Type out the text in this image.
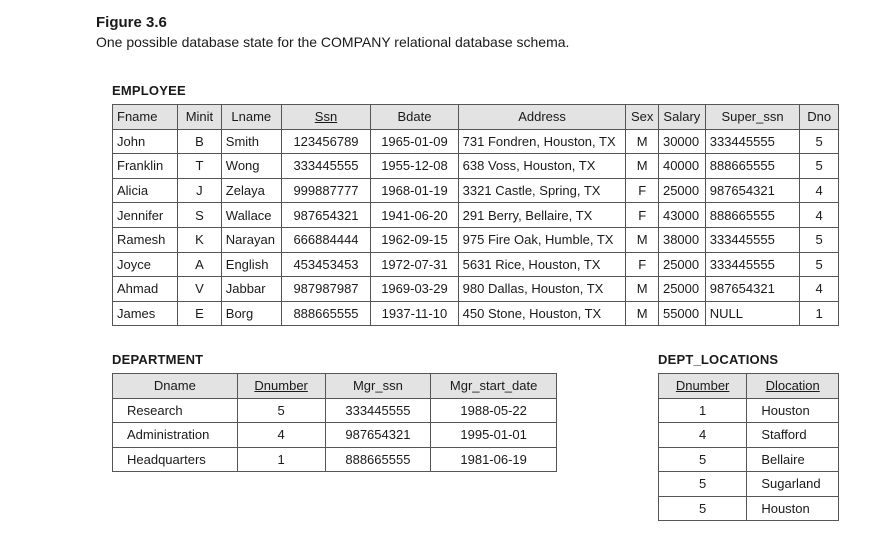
Figure 3.6
One possible database state for the COMPANY relational database schema.
EMPLOYEE
Fname	Minit	Lname	Ssn	Bdate	Address	Sex	Salary	Super_ssn	Dno
John	B	Smith	123456789	1965-01-09	731 Fondren, Houston, TX	M	30000	333445555	5
Franklin	T	Wong	333445555	1955-12-08	638 Voss, Houston, TX	M	40000	888665555	5
Alicia	J	Zelaya	999887777	1968-01-19	3321 Castle, Spring, TX	F	25000	987654321	4
Jennifer	S	Wallace	987654321	1941-06-20	291 Berry, Bellaire, TX	F	43000	888665555	4
Ramesh	K	Narayan	666884444	1962-09-15	975 Fire Oak, Humble, TX	M	38000	333445555	5
Joyce	A	English	453453453	1972-07-31	5631 Rice, Houston, TX	F	25000	333445555	5
Ahmad	V	Jabbar	987987987	1969-03-29	980 Dallas, Houston, TX	M	25000	987654321	4
James	E	Borg	888665555	1937-11-10	450 Stone, Houston, TX	M	55000	NULL	1
DEPARTMENT
Dname	Dnumber	Mgr_ssn	Mgr_start_date
Research	5	333445555	1988-05-22
Administration	4	987654321	1995-01-01
Headquarters	1	888665555	1981-06-19
DEPT_LOCATIONS
Dnumber	Dlocation
1	Houston
4	Stafford
5	Bellaire
5	Sugarland
5	Houston
